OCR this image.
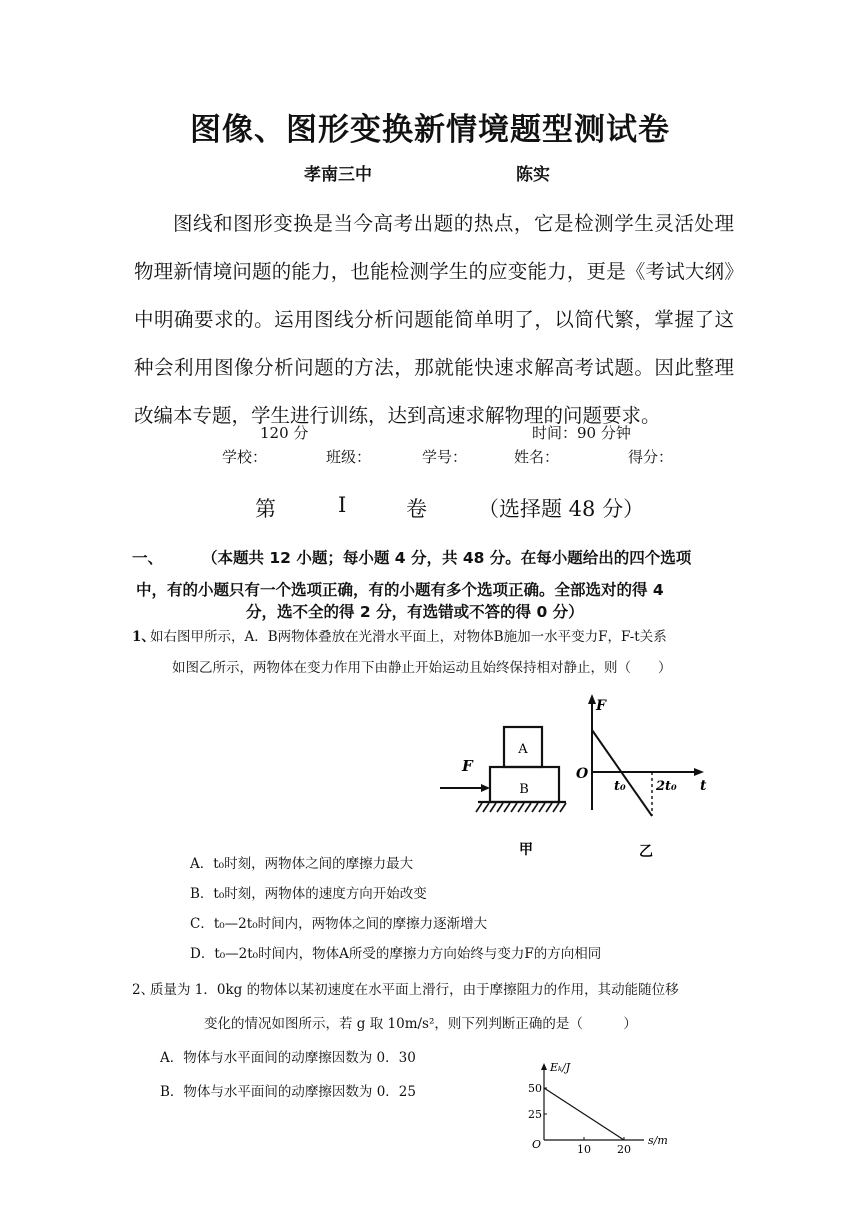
图像、图形变换新情境题型测试卷
孝南三中	陈实

图线和图形变换是当今高考出题的热点，它是检测学生灵活处理物理新情境问题的能力，也能检测学生的应变能力，更是《考试大纲》中明确要求的。运用图线分析问题能简单明了，以简代繁，掌握了这种会利用图像分析问题的方法，那就能快速求解高考试题。因此整理改编本专题，学生进行训练，达到高速求解物理的问题要求。

120 分	时间：90 分钟
学校：	班级：	学号：	姓名：	得分：
第	Ⅰ	卷 （选择题 48 分）
一、	（本题共 12 小题；每小题 4 分，共 48 分。在每小题给出的四个选项
中，有的小题只有一个选项正确，有的小题有多个选项正确。全部选对的得 4
分，选不全的得 2 分，有选错或不答的得 0 分）
1、
如右图甲所示，A．B两物体叠放在光滑水平面上，对物体B施加一水平变力F，F-t关系
如图乙所示，两物体在变力作用下由静止开始运动且始终保持相对静止，则（　　）
A
B
F
甲
F
t
O
t₀ 2t₀
乙
A．t₀时刻，两物体之间的摩擦力最大
B．t₀时刻，两物体的速度方向开始改变
C．t₀—2t₀时间内，两物体之间的摩擦力逐渐增大
D．t₀—2t₀时间内，物体A所受的摩擦力方向始终与变力F的方向相同
2、
质量为 1．0kg 的物体以某初速度在水平面上滑行，由于摩擦阻力的作用，其动能随位移
变化的情况如图所示，若 g 取 10m/s²，则下列判断正确的是（　　　）
A．物体与水平面间的动摩擦因数为 0．30
B．物体与水平面间的动摩擦因数为 0．25
Eₖ/J
s/m
O	10 20
25
50
